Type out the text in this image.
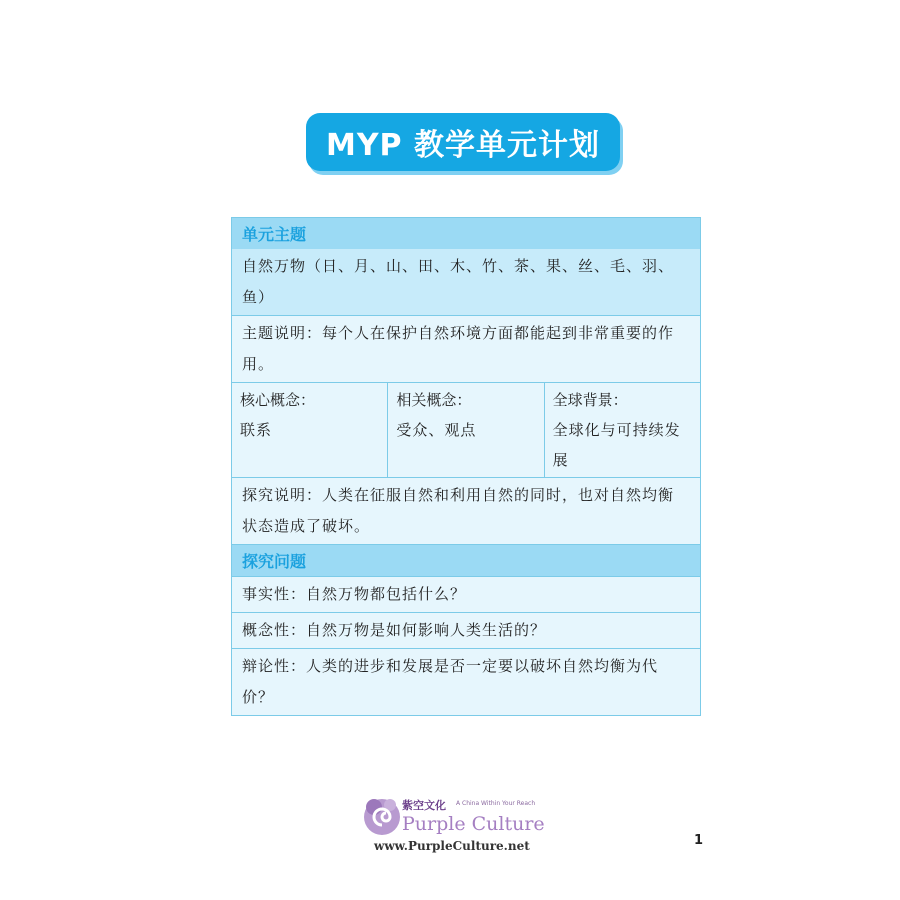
MYP 教学单元计划
单元主题
自然万物（日、月、山、田、木、竹、茶、果、丝、毛、羽、鱼）
主题说明：每个人在保护自然环境方面都能起到非常重要的作用。
核心概念：
联系
相关概念：
受众、观点
全球背景：
全球化与可持续发展
探究说明：人类在征服自然和利用自然的同时，也对自然均衡状态造成了破坏。
探究问题
事实性：自然万物都包括什么？
概念性：自然万物是如何影响人类生活的？
辩论性：人类的进步和发展是否一定要以破坏自然均衡为代价？
紫空文化 A China Within Your Reach
Purple Culture
www.PurpleCulture.net	1
